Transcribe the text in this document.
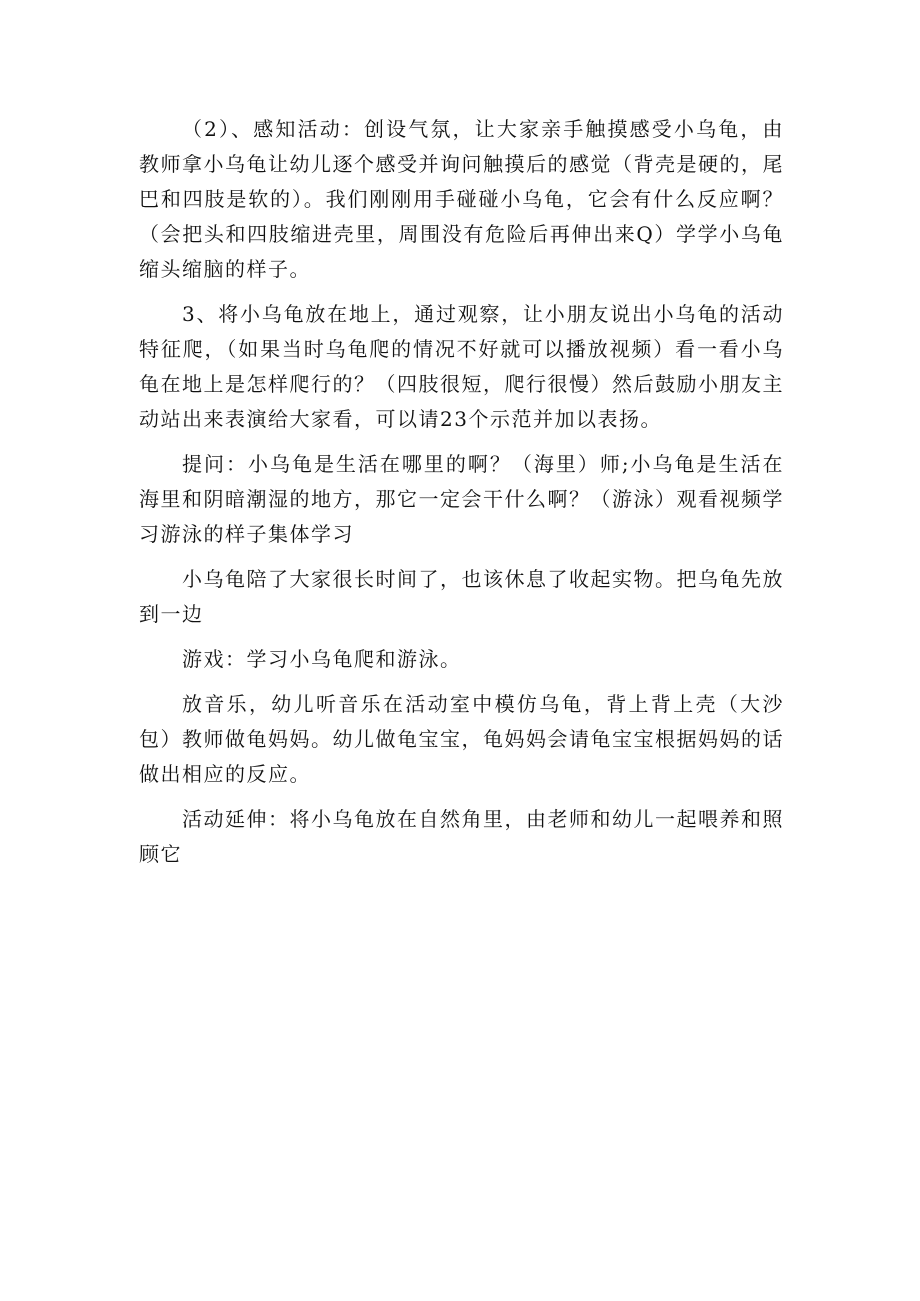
（2）、感知活动：创设气氛，让大家亲手触摸感受小乌龟，由教师拿小乌龟让幼儿逐个感受并询问触摸后的感觉（背壳是硬的，尾巴和四肢是软的）。我们刚刚用手碰碰小乌龟，它会有什么反应啊？（会把头和四肢缩进壳里，周围没有危险后再伸出来Q）学学小乌龟缩头缩脑的样子。

3、将小乌龟放在地上，通过观察，让小朋友说出小乌龟的活动特征爬，（如果当时乌龟爬的情况不好就可以播放视频）看一看小乌龟在地上是怎样爬行的？（四肢很短，爬行很慢）然后鼓励小朋友主动站出来表演给大家看，可以请23个示范并加以表扬。

提问：小乌龟是生活在哪里的啊？（海里）师;小乌龟是生活在海里和阴暗潮湿的地方，那它一定会干什么啊？（游泳）观看视频学习游泳的样子集体学习

小乌龟陪了大家很长时间了，也该休息了收起实物。把乌龟先放到一边

游戏：学习小乌龟爬和游泳。

放音乐，幼儿听音乐在活动室中模仿乌龟，背上背上壳（大沙包）教师做龟妈妈。幼儿做龟宝宝，龟妈妈会请龟宝宝根据妈妈的话做出相应的反应。

活动延伸：将小乌龟放在自然角里，由老师和幼儿一起喂养和照顾它
